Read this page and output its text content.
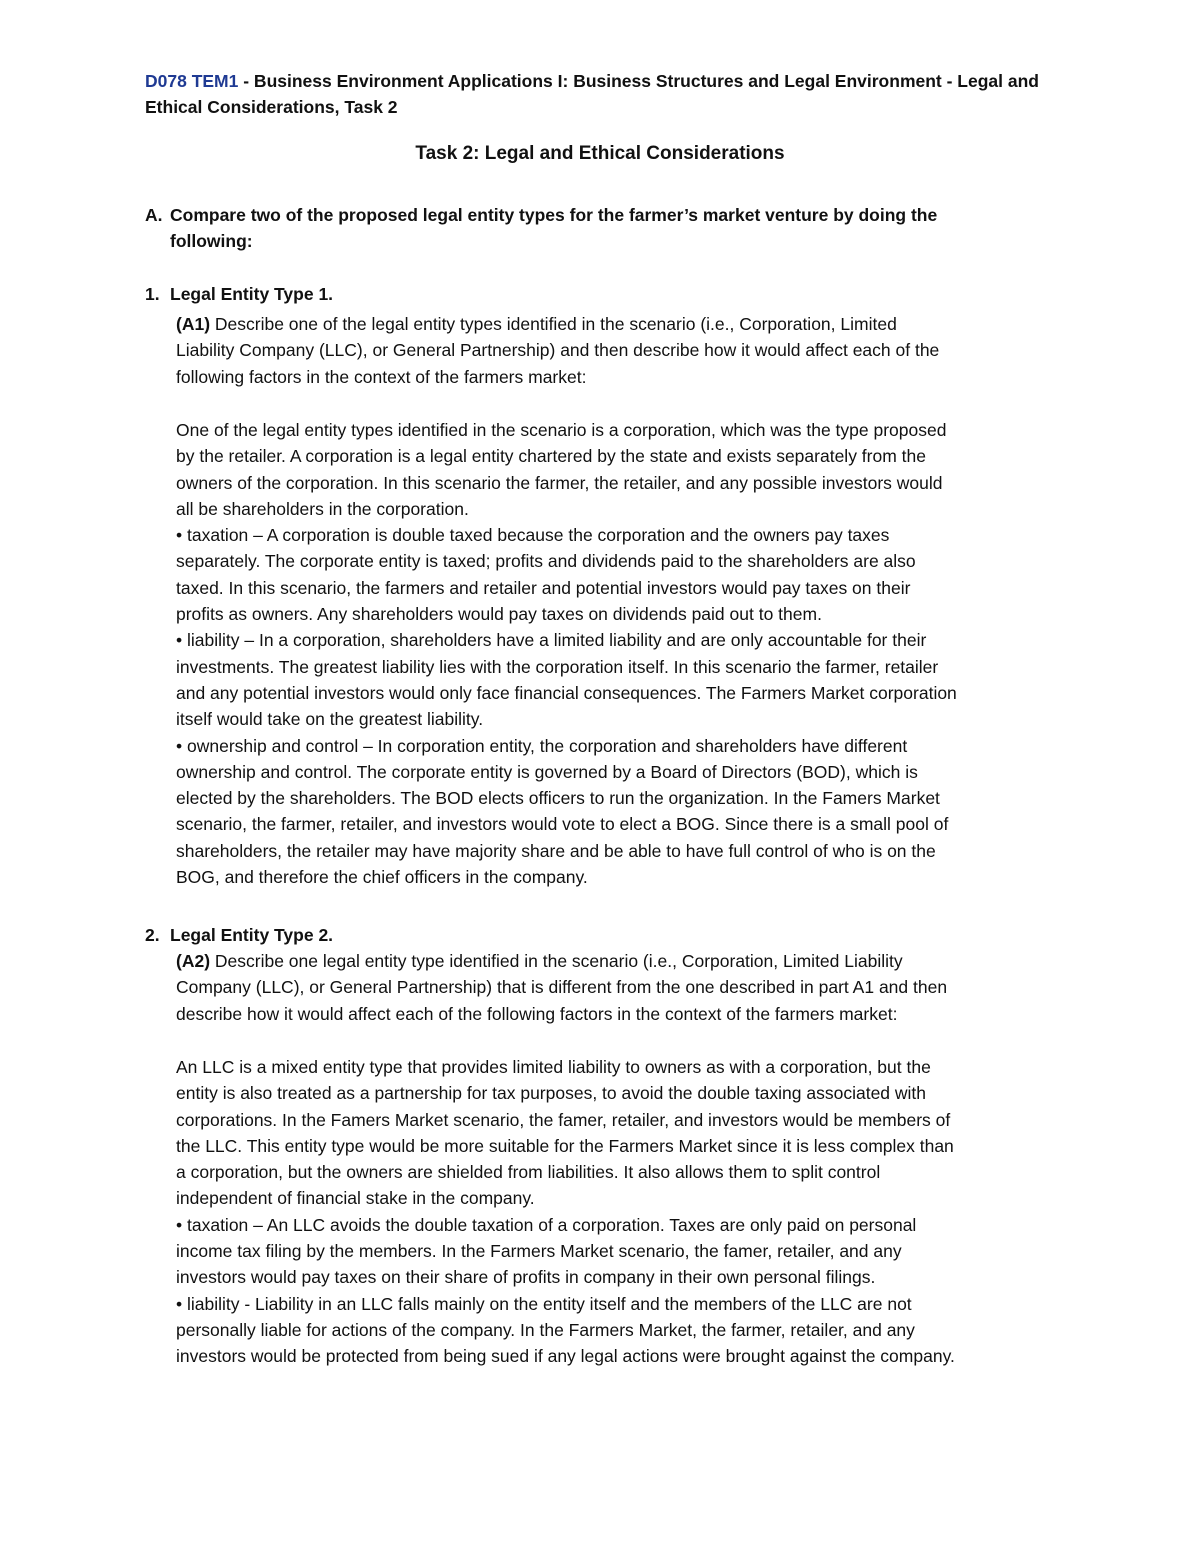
D078 TEM1 - Business Environment Applications I: Business Structures and Legal Environment - Legal and Ethical Considerations, Task 2
Task 2: Legal and Ethical Considerations
A. Compare two of the proposed legal entity types for the farmer’s market venture by doing the
following:
1. Legal Entity Type 1.
(A1) Describe one of the legal entity types identified in the scenario (i.e., Corporation, Limited
Liability Company (LLC), or General Partnership) and then describe how it would affect each of the
following factors in the context of the farmers market:
One of the legal entity types identified in the scenario is a corporation, which was the type proposed
by the retailer. A corporation is a legal entity chartered by the state and exists separately from the
owners of the corporation. In this scenario the farmer, the retailer, and any possible investors would
all be shareholders in the corporation.
• taxation – A corporation is double taxed because the corporation and the owners pay taxes
separately. The corporate entity is taxed; profits and dividends paid to the shareholders are also
taxed. In this scenario, the farmers and retailer and potential investors would pay taxes on their
profits as owners. Any shareholders would pay taxes on dividends paid out to them.
• liability – In a corporation, shareholders have a limited liability and are only accountable for their
investments. The greatest liability lies with the corporation itself. In this scenario the farmer, retailer
and any potential investors would only face financial consequences. The Farmers Market corporation
itself would take on the greatest liability.
• ownership and control – In corporation entity, the corporation and shareholders have different
ownership and control. The corporate entity is governed by a Board of Directors (BOD), which is
elected by the shareholders. The BOD elects officers to run the organization. In the Famers Market
scenario, the farmer, retailer, and investors would vote to elect a BOG. Since there is a small pool of
shareholders, the retailer may have majority share and be able to have full control of who is on the
BOG, and therefore the chief officers in the company.
2. Legal Entity Type 2.
(A2) Describe one legal entity type identified in the scenario (i.e., Corporation, Limited Liability
Company (LLC), or General Partnership) that is different from the one described in part A1 and then
describe how it would affect each of the following factors in the context of the farmers market:
An LLC is a mixed entity type that provides limited liability to owners as with a corporation, but the
entity is also treated as a partnership for tax purposes, to avoid the double taxing associated with
corporations. In the Famers Market scenario, the famer, retailer, and investors would be members of
the LLC. This entity type would be more suitable for the Farmers Market since it is less complex than
a corporation, but the owners are shielded from liabilities. It also allows them to split control
independent of financial stake in the company.
• taxation – An LLC avoids the double taxation of a corporation. Taxes are only paid on personal
income tax filing by the members. In the Farmers Market scenario, the famer, retailer, and any
investors would pay taxes on their share of profits in company in their own personal filings.
• liability - Liability in an LLC falls mainly on the entity itself and the members of the LLC are not
personally liable for actions of the company. In the Farmers Market, the farmer, retailer, and any
investors would be protected from being sued if any legal actions were brought against the company.
